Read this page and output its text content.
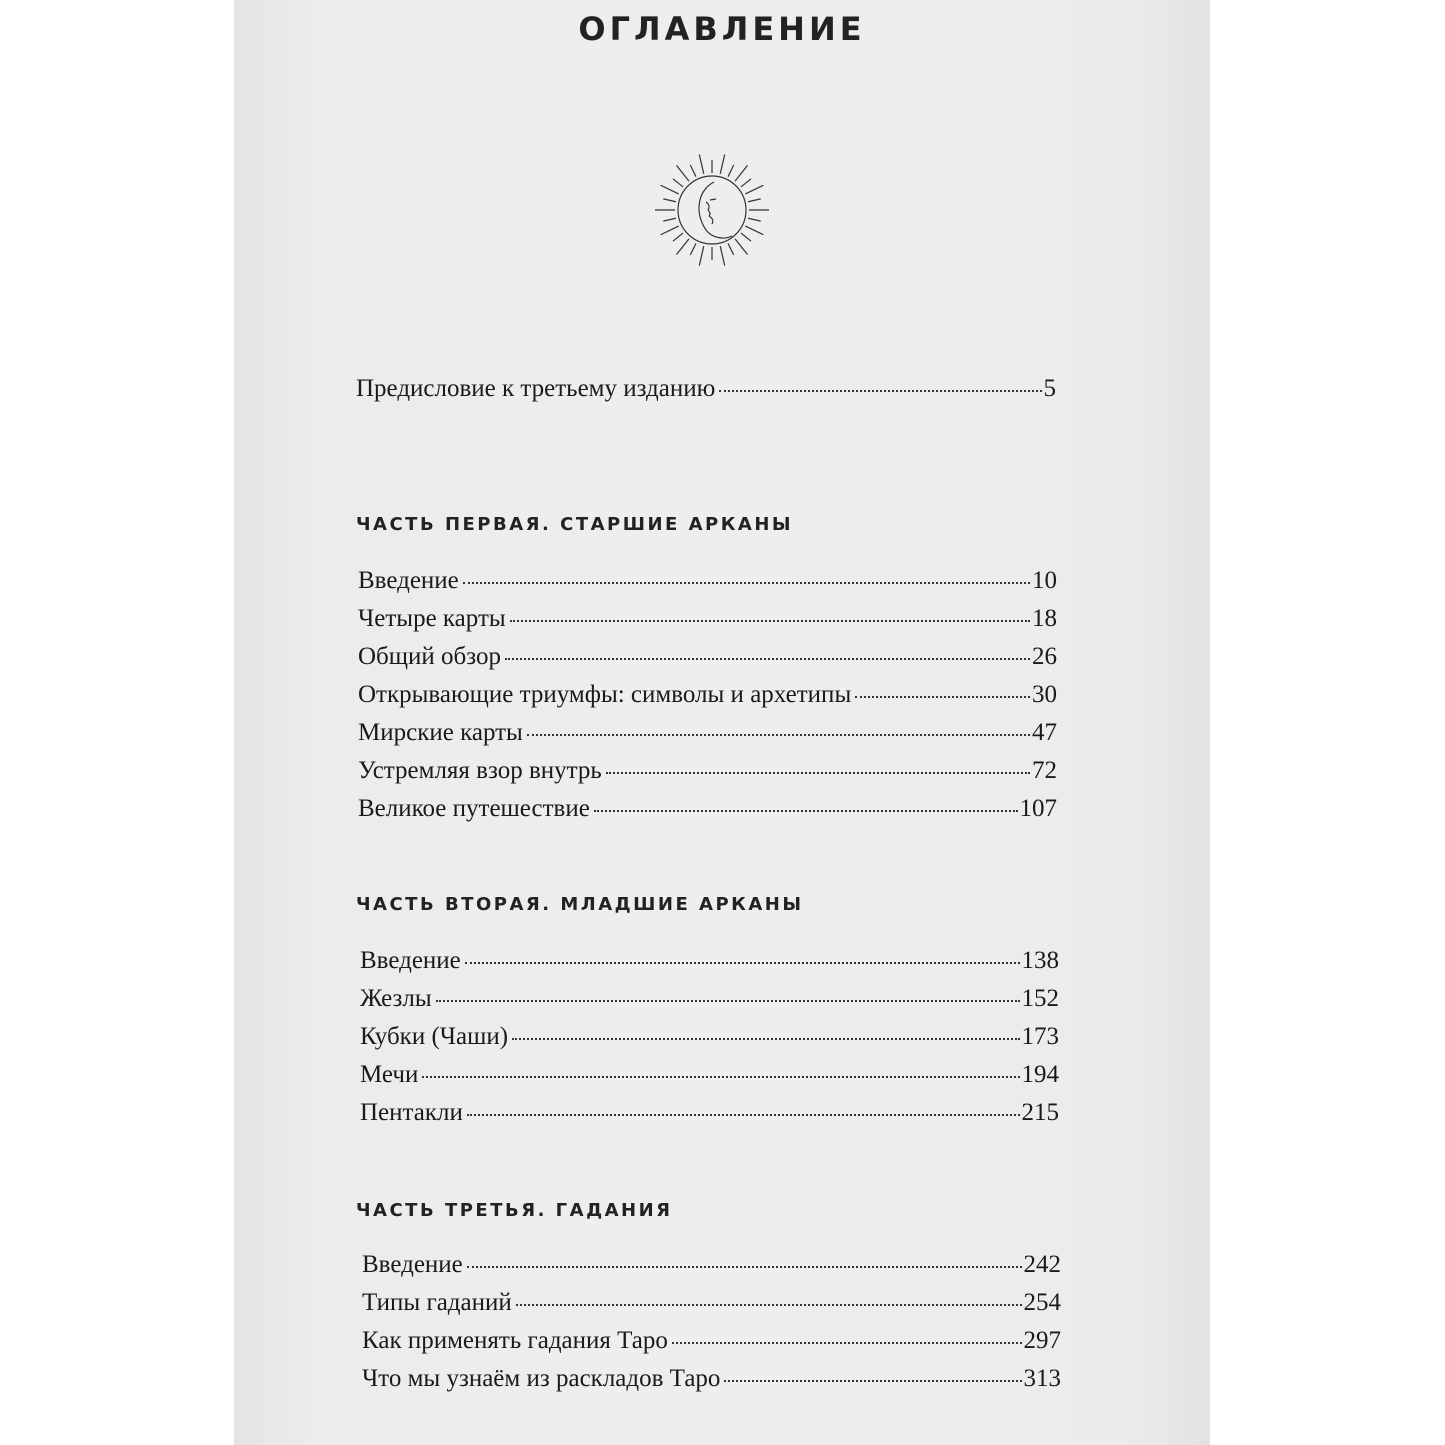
ОГЛАВЛЕНИЕ
Предисловие к третьему изданию	5
ЧАСТЬ ПЕРВАЯ. СТАРШИЕ АРКАНЫ
Введение	10
Четыре карты	18
Общий обзор	26
Открывающие триумфы: символы и архетипы	30
Мирские карты	47
Устремляя взор внутрь	72
Великое путешествие	107
ЧАСТЬ ВТОРАЯ. МЛАДШИЕ АРКАНЫ
Введение	138
Жезлы	152
Кубки (Чаши)	173
Мечи	194
Пентакли	215
ЧАСТЬ ТРЕТЬЯ. ГАДАНИЯ
Введение	242
Типы гаданий	254
Как применять гадания Таро	297
Что мы узнаём из раскладов Таро	313
